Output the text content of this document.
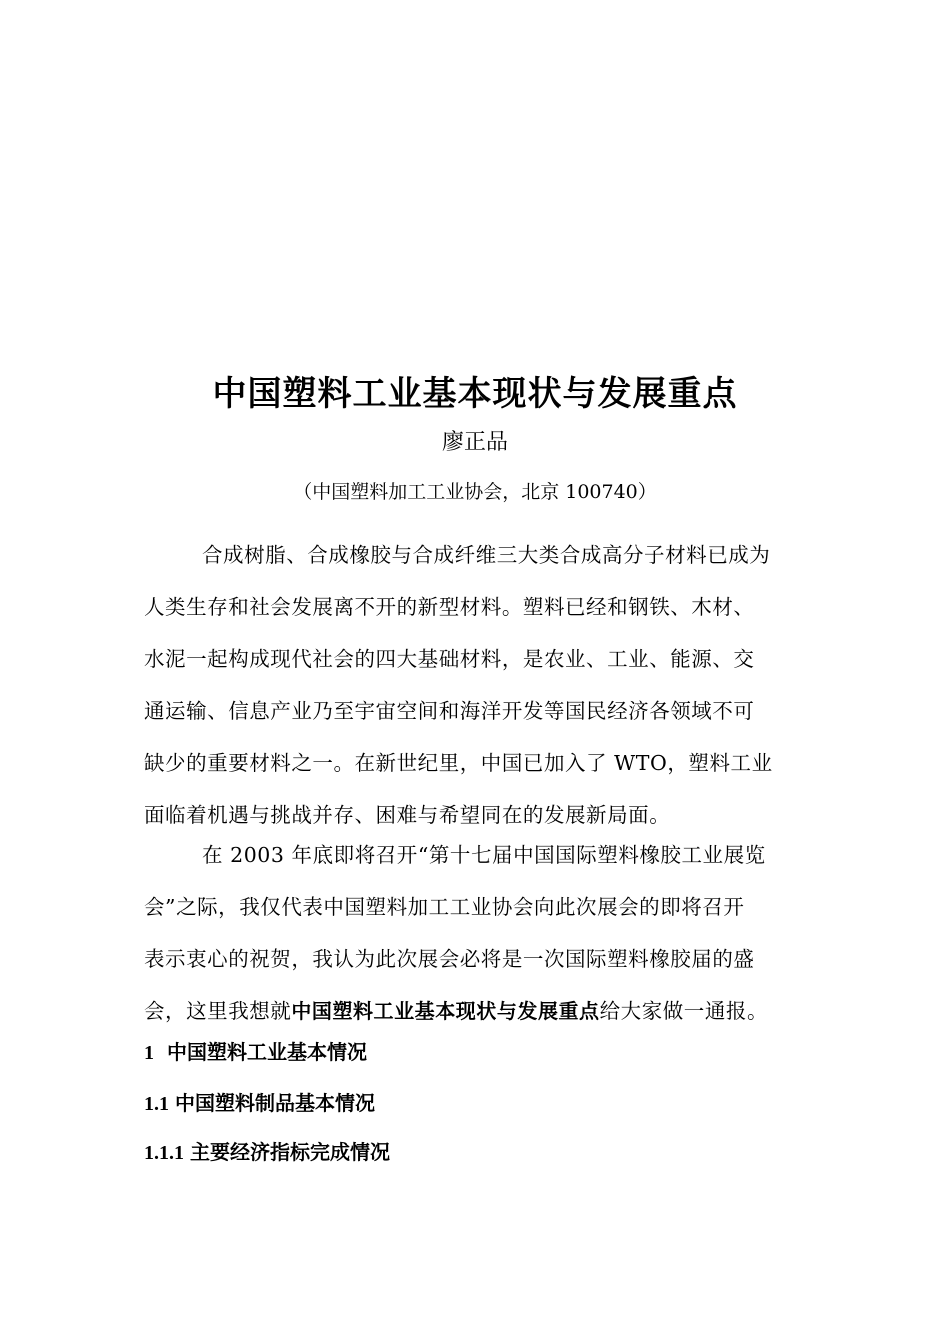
中国塑料工业基本现状与发展重点
廖正品
（中国塑料加工工业协会，北京 100740）
合成树脂、合成橡胶与合成纤维三大类合成高分子材料已成为
人类生存和社会发展离不开的新型材料。塑料已经和钢铁、木材、
水泥一起构成现代社会的四大基础材料，是农业、工业、能源、交
通运输、信息产业乃至宇宙空间和海洋开发等国民经济各领域不可
缺少的重要材料之一。在新世纪里，中国已加入了 WTO，塑料工业
面临着机遇与挑战并存、困难与希望同在的发展新局面。
在 2003 年底即将召开“第十七届中国国际塑料橡胶工业展览
会”之际，我仅代表中国塑料加工工业协会向此次展会的即将召开
表示衷心的祝贺，我认为此次展会必将是一次国际塑料橡胶届的盛
会，这里我想就中国塑料工业基本现状与发展重点给大家做一通报。
1 中国塑料工业基本情况
1.1 中国塑料制品基本情况
1.1.1 主要经济指标完成情况
